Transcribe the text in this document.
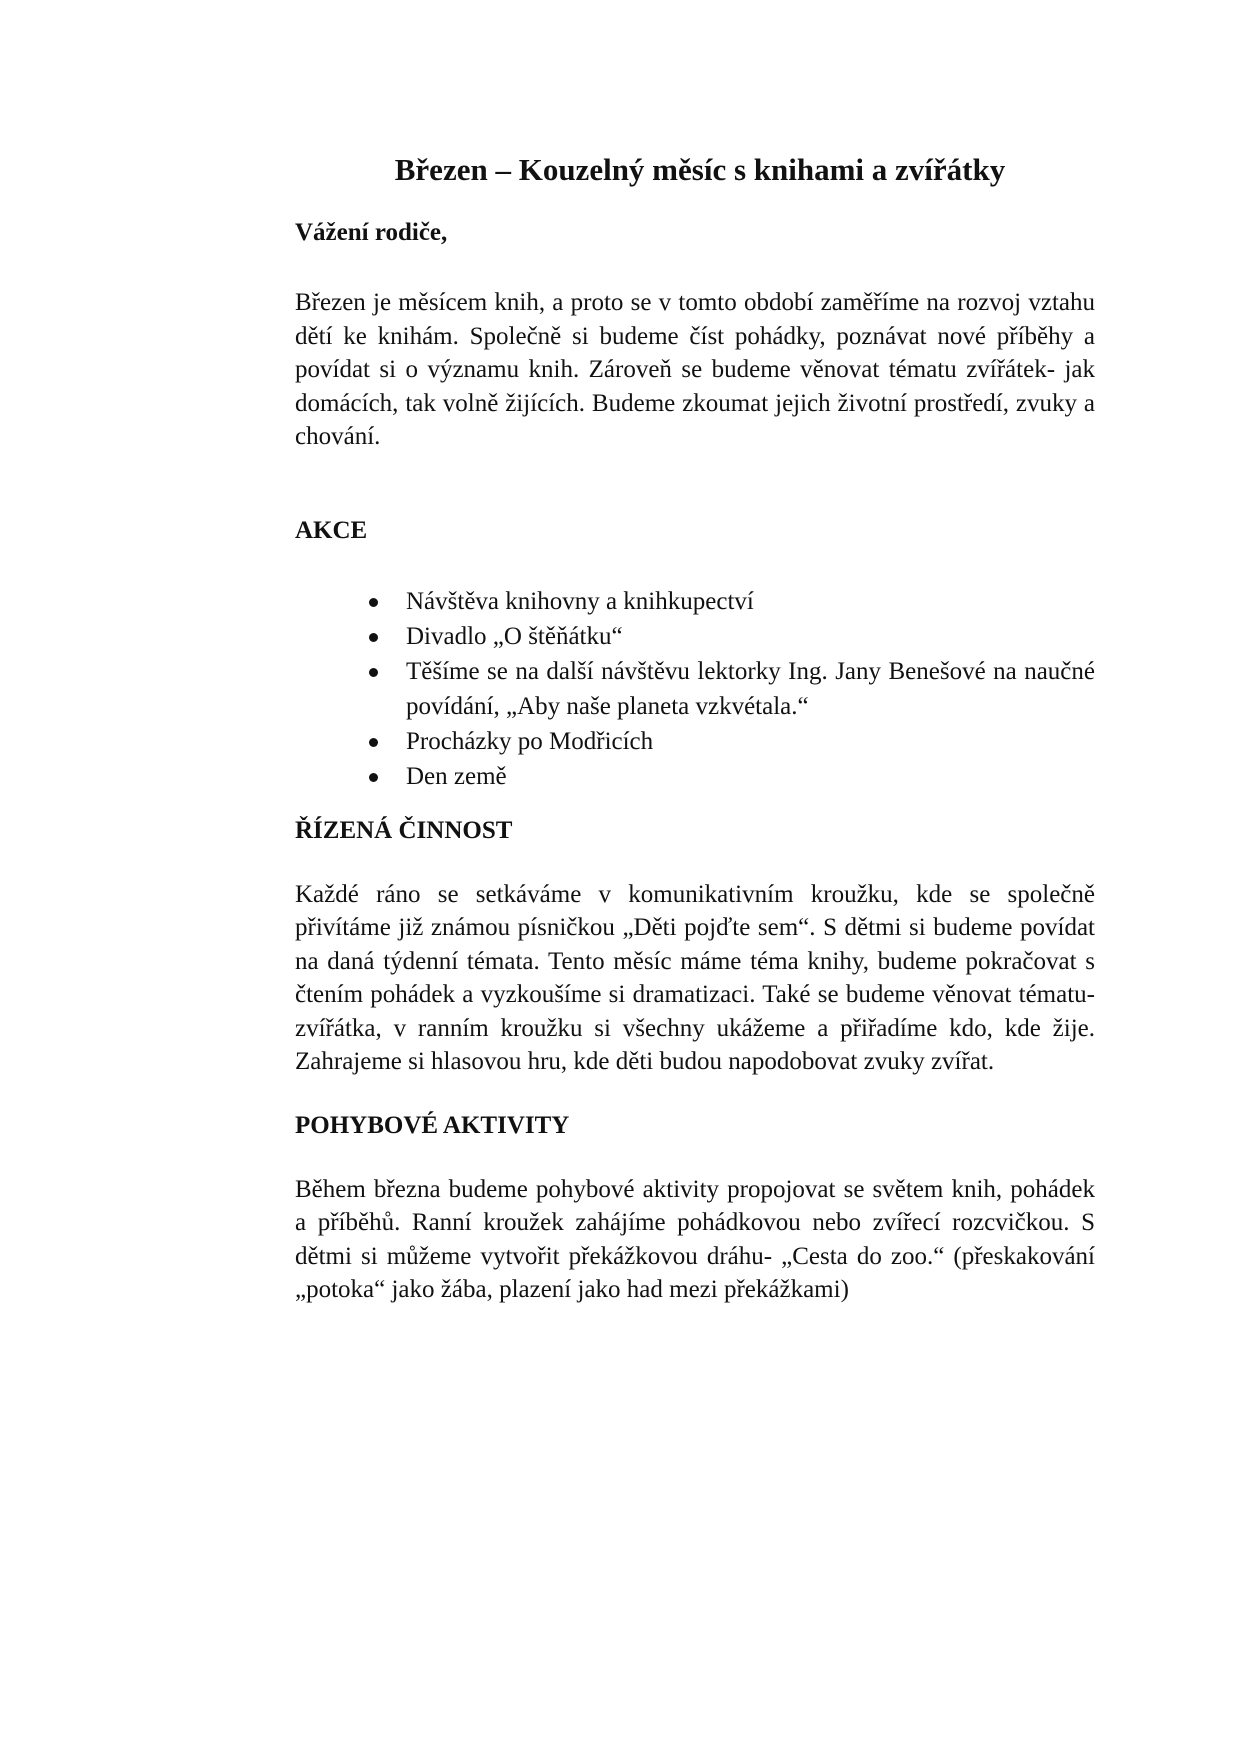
Březen – Kouzelný měsíc s knihami a zvířátky

Vážení rodiče,

Březen je měsícem knih, a proto se v tomto období zaměříme na rozvoj vztahu dětí ke knihám. Společně si budeme číst pohádky, poznávat nové příběhy a povídat si o významu knih. Zároveň se budeme věnovat tématu zvířátek- jak domácích, tak volně žijících. Budeme zkoumat jejich životní prostředí, zvuky a chování.

AKCE
Návštěva knihovny a knihkupectví
Divadlo „O štěňátku“
Těšíme se na další návštěvu lektorky Ing. Jany Benešové na naučné povídání, „Aby naše planeta vzkvétala.“
Procházky po Modřicích
Den země
ŘÍZENÁ ČINNOST

Každé ráno se setkáváme v komunikativním kroužku, kde se společně přivítáme již známou písničkou „Děti pojďte sem“. S dětmi si budeme povídat na daná týdenní témata. Tento měsíc máme téma knihy, budeme pokračovat s čtením pohádek a vyzkoušíme si dramatizaci. Také se budeme věnovat tématu- zvířátka, v ranním kroužku si všechny ukážeme a přiřadíme kdo, kde žije. Zahrajeme si hlasovou hru, kde děti budou napodobovat zvuky zvířat.

POHYBOVÉ AKTIVITY

Během března budeme pohybové aktivity propojovat se světem knih, pohádek a příběhů. Ranní kroužek zahájíme pohádkovou nebo zvířecí rozcvičkou. S dětmi si můžeme vytvořit překážkovou dráhu- „Cesta do zoo.“ (přeskakování „potoka“ jako žába, plazení jako had mezi překážkami)
